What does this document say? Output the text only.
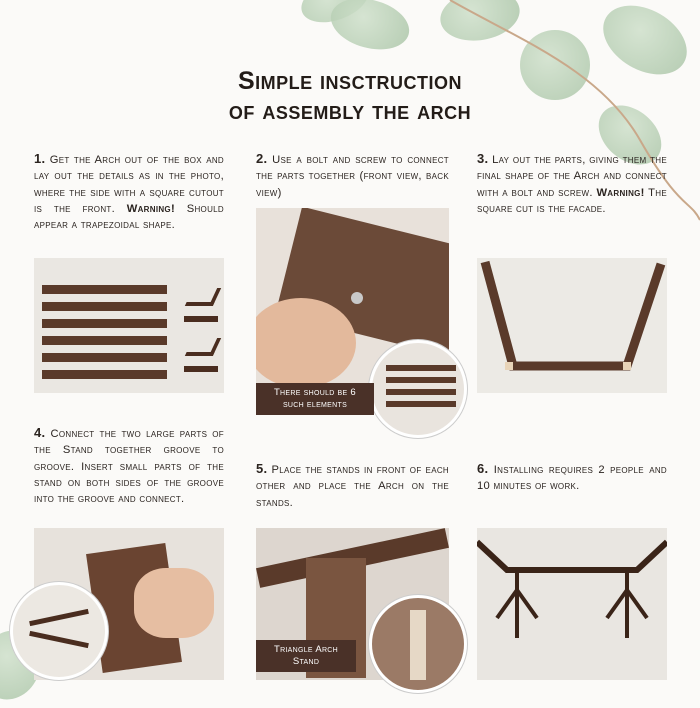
Simple insctruction
of assembly the arch
1. Get the Arch out of the box and lay out the details as in the photo, where the side with a square cutout is the front. Warning! Should appear a trapezoidal shape.
2. Use a bolt and screw to connect the parts together (front view, back view)
3. Lay out the parts, giving them the final shape of the Arch and connect with a bolt and screw. Warning! The square cut is the facade.
There should be 6 such elements
4. Connect the two large parts of the Stand together groove to groove. Insert small parts of the stand on both sides of the groove into the groove and connect.
5. Place the stands in front of each other and place the Arch on the stands.
6. Installing requires 2 people and 10 minutes of work.
Triangle Arch Stand
